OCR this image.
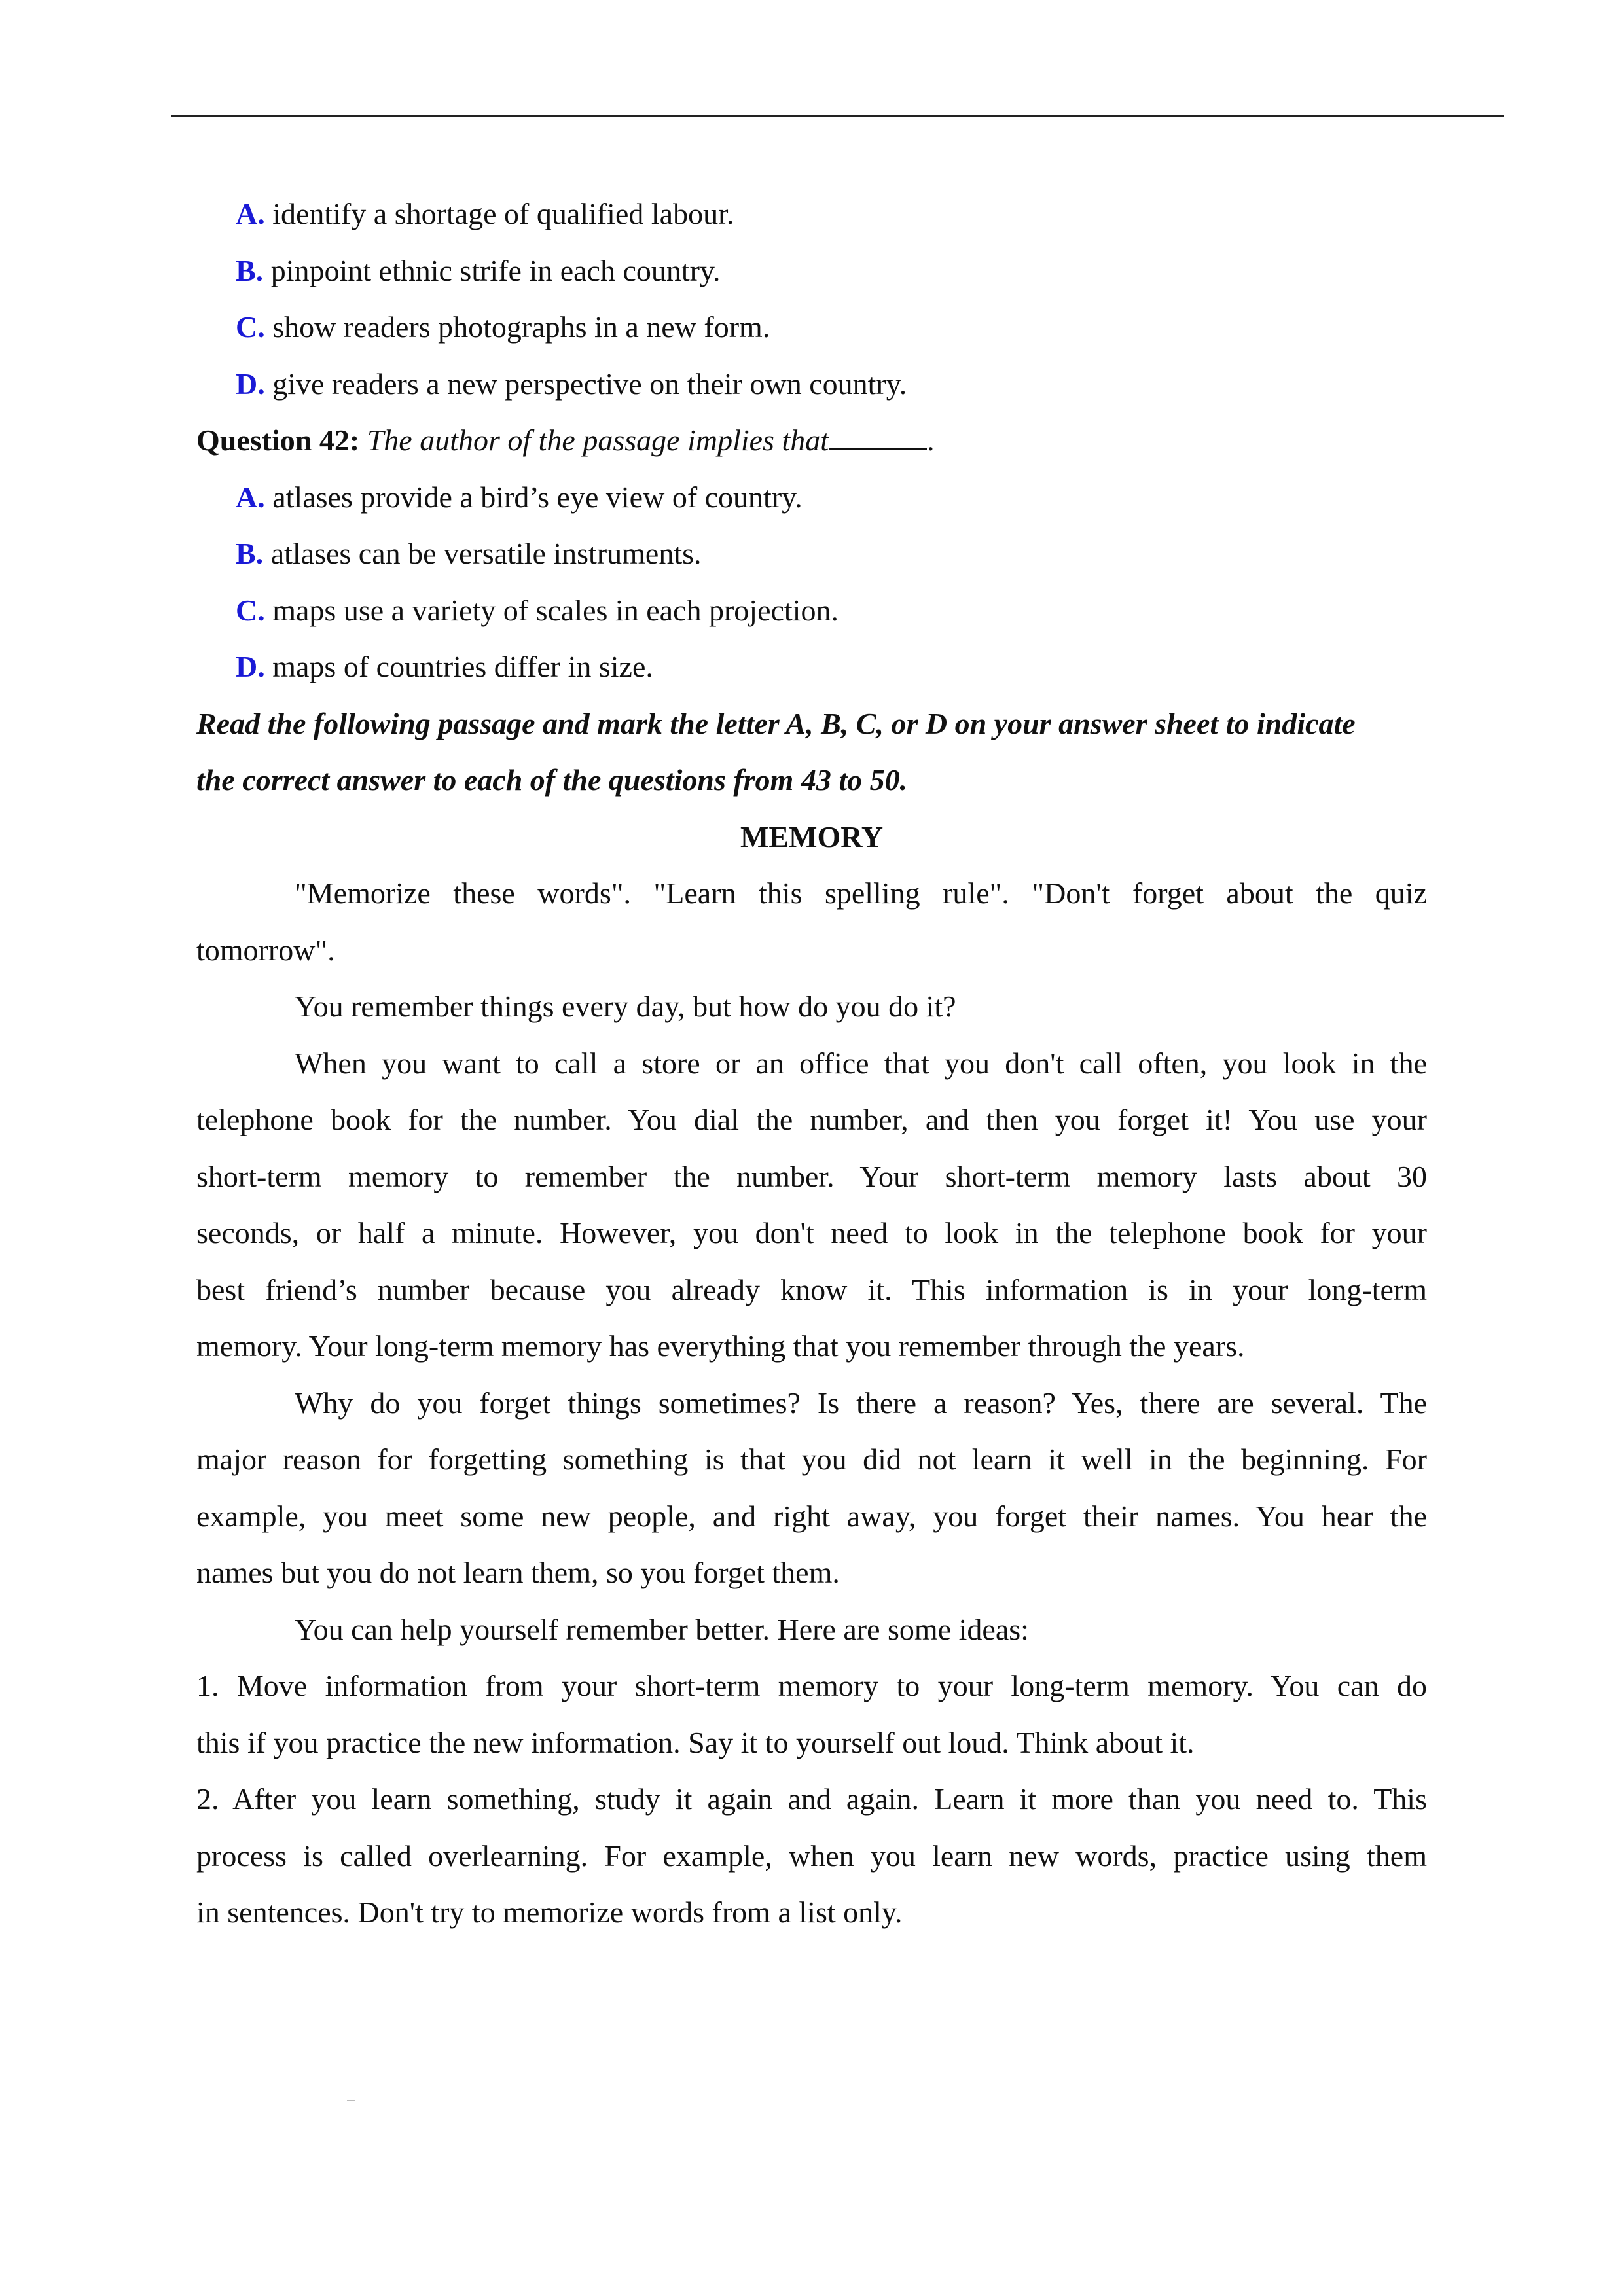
A. identify a shortage of qualified labour.
B. pinpoint ethnic strife in each country.
C. show readers photographs in a new form.
D. give readers a new perspective on their own country.
Question 42: The author of the passage implies that	.
A. atlases provide a bird’s eye view of country.
B. atlases can be versatile instruments.
C. maps use a variety of scales in each projection.
D. maps of countries differ in size.
Read the following passage and mark the letter A, B, C, or D on your answer sheet to indicate
the correct answer to each of the questions from 43 to 50.
MEMORY
"Memorize these words". "Learn this spelling rule". "Don't forget about the quiz
tomorrow".
You remember things every day, but how do you do it?
When you want to call a store or an office that you don't call often, you look in the
telephone book for the number. You dial the number, and then you forget it! You use your
short-term memory to remember the number. Your short-term memory lasts about 30
seconds, or half a minute. However, you don't need to look in the telephone book for your
best friend’s number because you already know it. This information is in your long-term
memory. Your long-term memory has everything that you remember through the years.
Why do you forget things sometimes? Is there a reason? Yes, there are several. The
major reason for forgetting something is that you did not learn it well in the beginning. For
example, you meet some new people, and right away, you forget their names. You hear the
names but you do not learn them, so you forget them.
You can help yourself remember better. Here are some ideas:
1. Move information from your short-term memory to your long-term memory. You can do
this if you practice the new information. Say it to yourself out loud. Think about it.
2. After you learn something, study it again and again. Learn it more than you need to. This
process is called overlearning. For example, when you learn new words, practice using them
in sentences. Don't try to memorize words from a list only.
